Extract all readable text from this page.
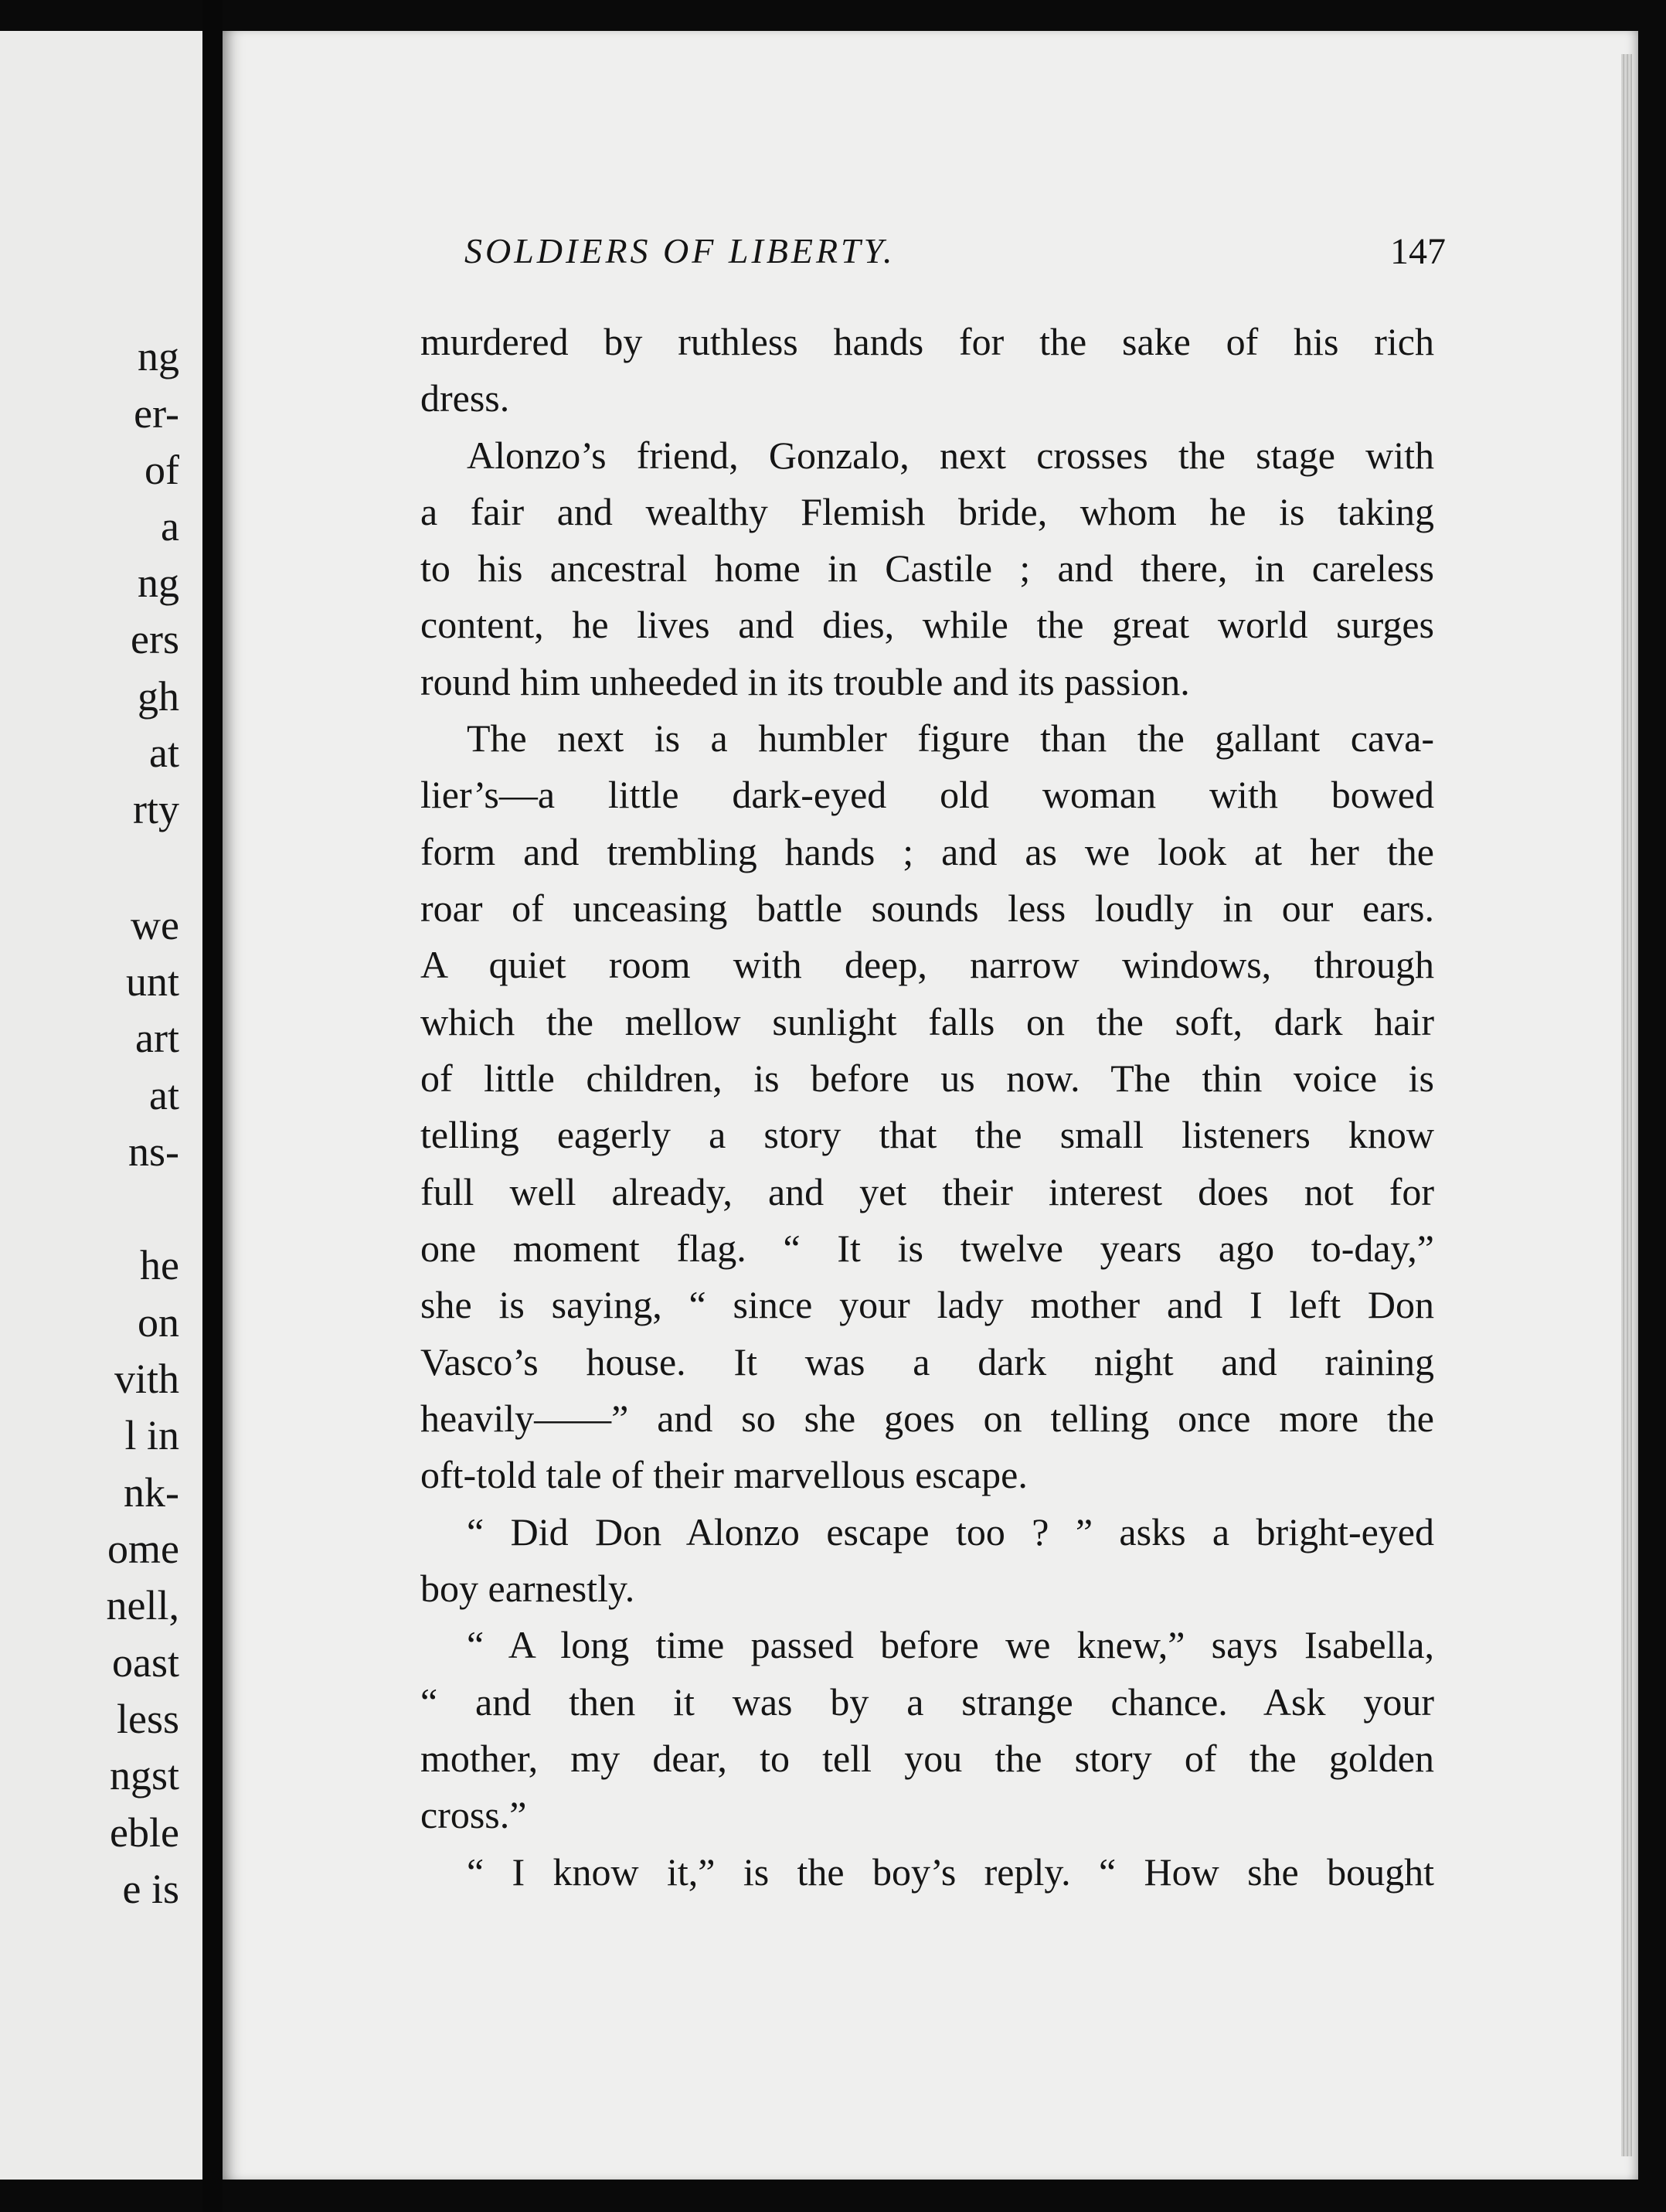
ng
er-
of
a
ng
ers
gh
at
rty
we
unt
art
at
ns-
he
on
vith
l in
nk-
ome
nell,
oast
less
ngst
eble
e is
SOLDIERS OF LIBERTY.	147
murdered by ruthless hands for the sake of his rich
dress.
Alonzo’s friend, Gonzalo, next crosses the stage with
a fair and wealthy Flemish bride, whom he is taking
to his ancestral home in Castile ; and there, in careless
content, he lives and dies, while the great world surges
round him unheeded in its trouble and its passion.
The next is a humbler figure than the gallant cava-
lier’s—a little dark-eyed old woman with bowed
form and trembling hands ; and as we look at her the
roar of unceasing battle sounds less loudly in our ears.
A quiet room with deep, narrow windows, through
which the mellow sunlight falls on the soft, dark hair
of little children, is before us now. The thin voice is
telling eagerly a story that the small listeners know
full well already, and yet their interest does not for
one moment flag. “ It is twelve years ago to-day,”
she is saying, “ since your lady mother and I left Don
Vasco’s house. It was a dark night and raining
heavily——” and so she goes on telling once more the
oft-told tale of their marvellous escape.
“ Did Don Alonzo escape too ? ” asks a bright-eyed
boy earnestly.
“ A long time passed before we knew,” says Isabella,
“ and then it was by a strange chance. Ask your
mother, my dear, to tell you the story of the golden
cross.”
“ I know it,” is the boy’s reply. “ How she bought
